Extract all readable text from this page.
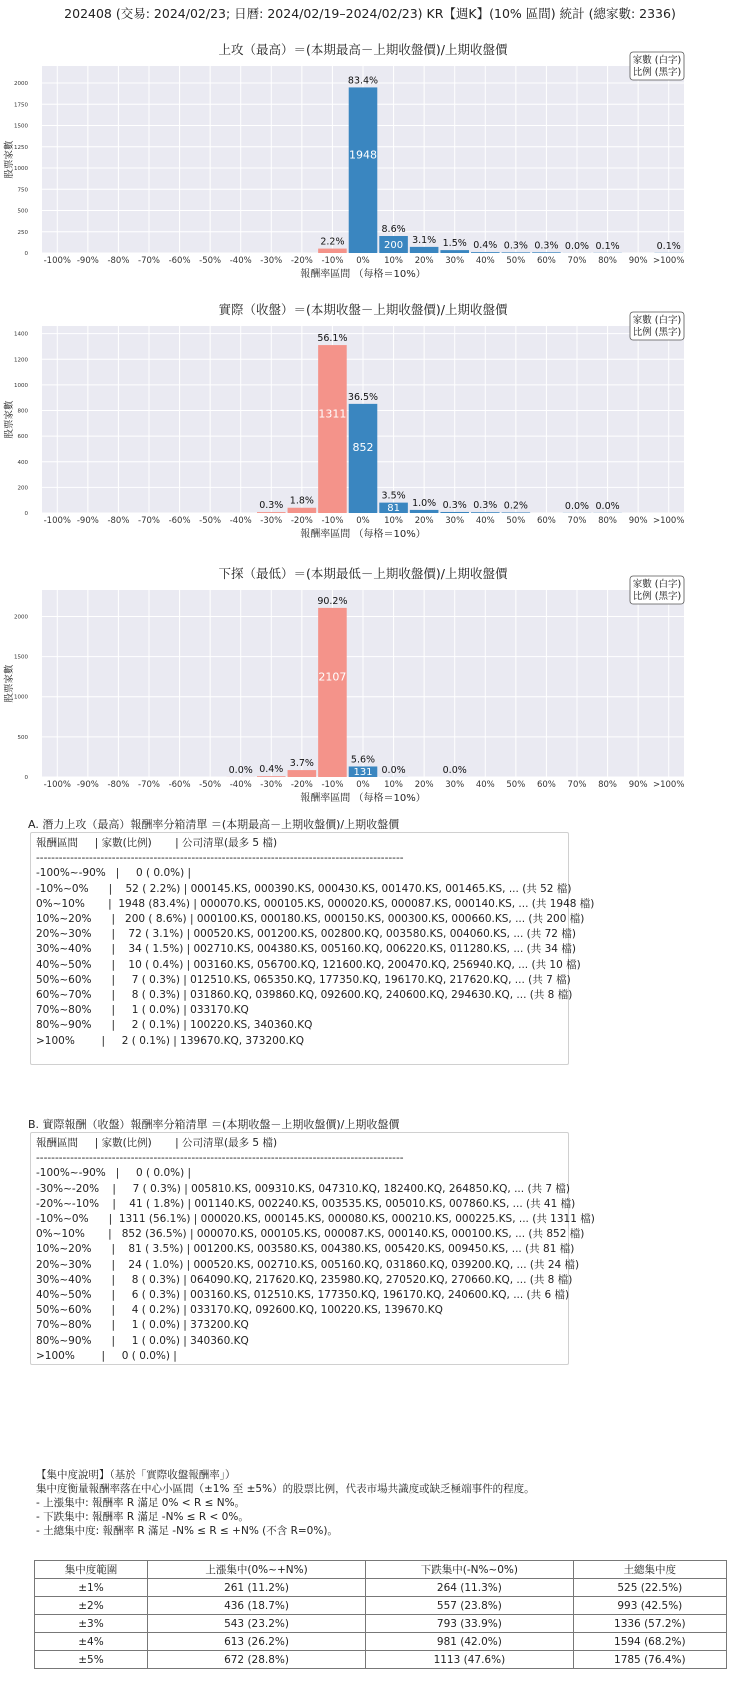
202408 (交易: 2024/02/23; 日曆: 2024/02/19–2024/02/23) KR【週K】(10% 區間) 統計 (總家數: 2336)
上攻（最高）＝(本期最高－上期收盤價)/上期收盤價
0
250
500
750
1000
1250
1500
1750
2000
-100% -90% -80% -70% -60% -50% -40% -30% -20% -10% 0% 10% 20% 30% 40% 50% 60% 70% 80% 90% >100%
2.2%
83.4%
1948
8.6%
200 3.1% 1.5% 0.4% 0.3% 0.3% 0.0% 0.1%	0.1%
報酬率區間 （每格＝10%）
股票家數
家數 (白字)
比例 (黑字)
實際（收盤）＝(本期收盤－上期收盤價)/上期收盤價
0
200
400
600
800
1000
1200
1400
-100% -90% -80% -70% -60% -50% -40% -30% -20% -10% 0% 10% 20% 30% 40% 50% 60% 70% 80% 90% >100%
0.3% 1.8%
56.1%
1311
36.5%
852
3.5%
81 1.0% 0.3% 0.3% 0.2%	0.0% 0.0%
報酬率區間 （每格＝10%）
股票家數
家數 (白字)
比例 (黑字)
下探（最低）＝(本期最低－上期收盤價)/上期收盤價
0
500
1000
1500
2000
-100% -90% -80% -70% -60% -50% -40% -30% -20% -10% 0% 10% 20% 30% 40% 50% 60% 70% 80% 90% >100%
0.0% 0.4%
3.7%
90.2%
2107
5.6%
131 0.0%	0.0%
報酬率區間 （每格＝10%）
股票家數
家數 (白字)
比例 (黑字)
A. 潛力上攻（最高）報酬率分箱清單 ＝(本期最高－上期收盤價)/上期收盤價
報酬區間     | 家數(比例)       | 公司清單(最多 5 檔)
-------------------------------------------------------------------------------------------------
-100%~-90%   |     0 ( 0.0%) |
-10%~0%      |    52 ( 2.2%) | 000145.KS, 000390.KS, 000430.KS, 001470.KS, 001465.KS, ... (共 52 檔)
0%~10%       |  1948 (83.4%) | 000070.KS, 000105.KS, 000020.KS, 000087.KS, 000140.KS, ... (共 1948 檔)
10%~20%      |   200 ( 8.6%) | 000100.KS, 000180.KS, 000150.KS, 000300.KS, 000660.KS, ... (共 200 檔)
20%~30%      |    72 ( 3.1%) | 000520.KS, 001200.KS, 002800.KQ, 003580.KS, 004060.KS, ... (共 72 檔)
30%~40%      |    34 ( 1.5%) | 002710.KS, 004380.KS, 005160.KQ, 006220.KS, 011280.KS, ... (共 34 檔)
40%~50%      |    10 ( 0.4%) | 003160.KS, 056700.KQ, 121600.KQ, 200470.KQ, 256940.KQ, ... (共 10 檔)
50%~60%      |     7 ( 0.3%) | 012510.KS, 065350.KQ, 177350.KQ, 196170.KQ, 217620.KQ, ... (共 7 檔)
60%~70%      |     8 ( 0.3%) | 031860.KQ, 039860.KQ, 092600.KQ, 240600.KQ, 294630.KQ, ... (共 8 檔)
70%~80%      |     1 ( 0.0%) | 033170.KQ
80%~90%      |     2 ( 0.1%) | 100220.KS, 340360.KQ
>100%        |     2 ( 0.1%) | 139670.KQ, 373200.KQ
B. 實際報酬（收盤）報酬率分箱清單 ＝(本期收盤－上期收盤價)/上期收盤價
報酬區間     | 家數(比例)       | 公司清單(最多 5 檔)
-------------------------------------------------------------------------------------------------
-100%~-90%   |     0 ( 0.0%) |
-30%~-20%    |     7 ( 0.3%) | 005810.KS, 009310.KS, 047310.KQ, 182400.KQ, 264850.KQ, ... (共 7 檔)
-20%~-10%    |    41 ( 1.8%) | 001140.KS, 002240.KS, 003535.KS, 005010.KS, 007860.KS, ... (共 41 檔)
-10%~0%      |  1311 (56.1%) | 000020.KS, 000145.KS, 000080.KS, 000210.KS, 000225.KS, ... (共 1311 檔)
0%~10%       |   852 (36.5%) | 000070.KS, 000105.KS, 000087.KS, 000140.KS, 000100.KS, ... (共 852 檔)
10%~20%      |    81 ( 3.5%) | 001200.KS, 003580.KS, 004380.KS, 005420.KS, 009450.KS, ... (共 81 檔)
20%~30%      |    24 ( 1.0%) | 000520.KS, 002710.KS, 005160.KQ, 031860.KQ, 039200.KQ, ... (共 24 檔)
30%~40%      |     8 ( 0.3%) | 064090.KQ, 217620.KQ, 235980.KQ, 270520.KQ, 270660.KQ, ... (共 8 檔)
40%~50%      |     6 ( 0.3%) | 003160.KS, 012510.KS, 177350.KQ, 196170.KQ, 240600.KQ, ... (共 6 檔)
50%~60%      |     4 ( 0.2%) | 033170.KQ, 092600.KQ, 100220.KS, 139670.KQ
70%~80%      |     1 ( 0.0%) | 373200.KQ
80%~90%      |     1 ( 0.0%) | 340360.KQ
>100%        |     0 ( 0.0%) |
【集中度說明】（基於「實際收盤報酬率」）
集中度衡量報酬率落在中心小區間（±1% 至 ±5%）的股票比例，代表市場共識度或缺乏極端事件的程度。
- 上漲集中: 報酬率 R 滿足 0% < R ≤ N%。
- 下跌集中: 報酬率 R 滿足 -N% ≤ R < 0%。
- 土總集中度: 報酬率 R 滿足 -N% ≤ R ≤ +N% (不含 R=0%)。
集中度範圍	上漲集中(0%~+N%)	下跌集中(-N%~0%)	土總集中度
±1%	261 (11.2%)	264 (11.3%)	525 (22.5%)
±2%	436 (18.7%)	557 (23.8%)	993 (42.5%)
±3%	543 (23.2%)	793 (33.9%)	1336 (57.2%)
±4%	613 (26.2%)	981 (42.0%)	1594 (68.2%)
±5%	672 (28.8%)	1113 (47.6%)	1785 (76.4%)
